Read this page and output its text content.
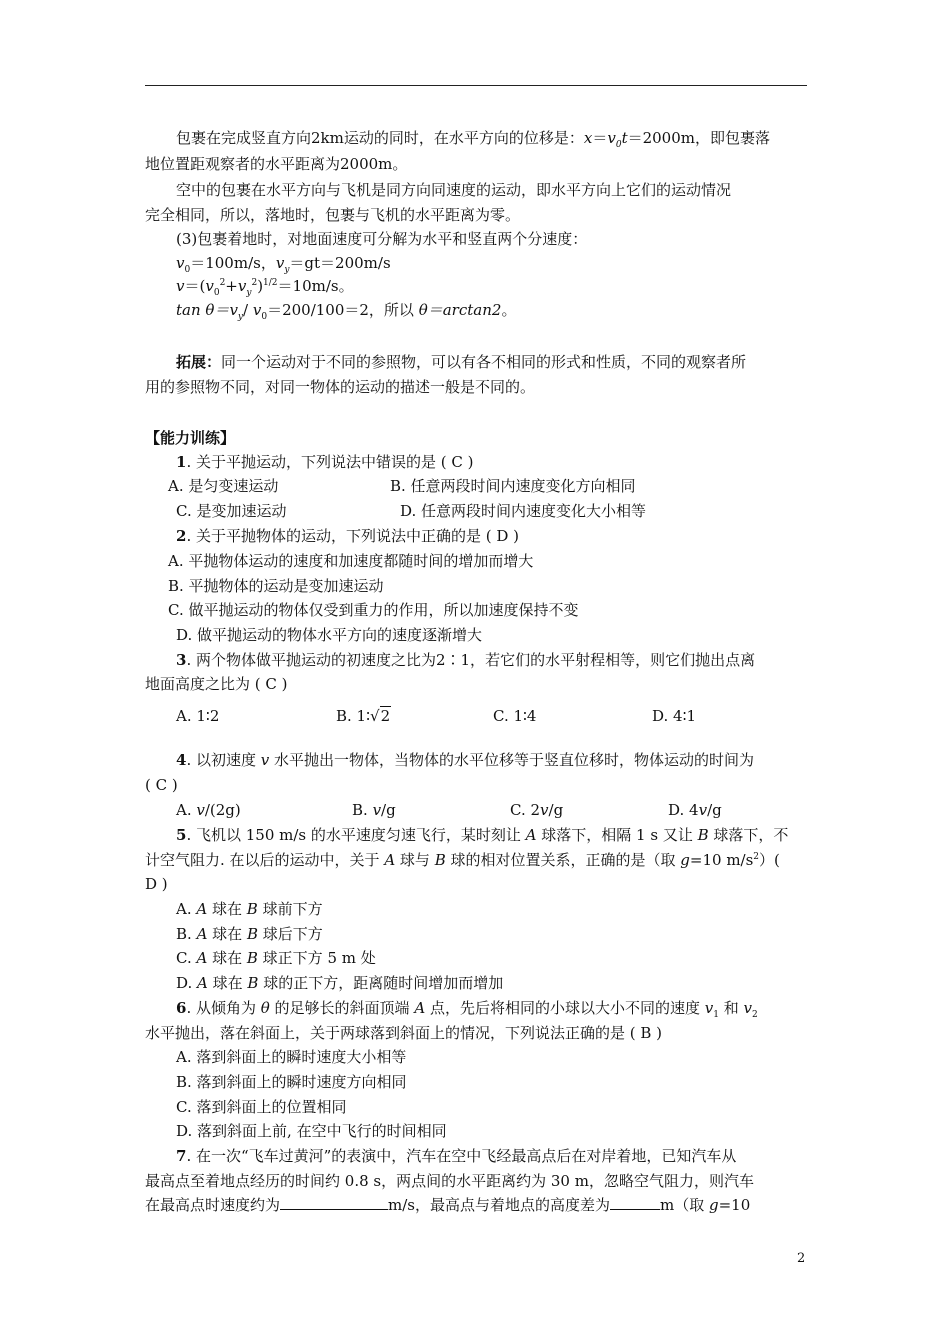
包裹在完成竖直方向2km运动的同时，在水平方向的位移是：$x=v_0t=2000m$，即包裹落
地位置距观察者的水平距离为2000m。
空中的包裹在水平方向与飞机是同方向同速度的运动，即水平方向上它们的运动情况
完全相同，所以，落地时，包裹与飞机的水平距离为零。
(3)包裹着地时，对地面速度可分解为水平和竖直两个分速度：
$v_0=100m/s$，$v_y=gt=200m/s$
$v=(v_0^2+v_y^2)^{1/2}=10m/s$。
$\tan \theta=v_y/$ $v_0=200/100=2$，所以 θ＝arctan2。
拓展：同一个运动对于不同的参照物，可以有各不相同的形式和性质，不同的观察者所
用的参照物不同，对同一物体的运动的描述一般是不同的。
【能力训练】
1. 关于平抛运动，下列说法中错误的是 ( C )
A. 是匀变速运动	B. 任意两段时间内速度变化方向相同
C. 是变加速运动	D. 任意两段时间内速度变化大小相等
2. 关于平抛物体的运动，下列说法中正确的是 ( D )
A. 平抛物体运动的速度和加速度都随时间的增加而增大
B. 平抛物体的运动是变加速运动
C. 做平抛运动的物体仅受到重力的作用，所以加速度保持不变
D. 做平抛运动的物体水平方向的速度逐渐增大
3. 两个物体做平抛运动的初速度之比为2∶1，若它们的水平射程相等，则它们抛出点离
地面高度之比为 ( C )
A. 1∶2	B. 1∶√2	C. 1∶4	D. 4∶1
4. 以初速度 v 水平抛出一物体，当物体的水平位移等于竖直位移时，物体运动的时间为
( C )
A. v/(2g)	B. v/g	C. 2v/g	D. 4v/g
5. 飞机以 150 m/s 的水平速度匀速飞行，某时刻让 A 球落下，相隔 1 s 又让 B 球落下，不
计空气阻力. 在以后的运动中，关于 A 球与 B 球的相对位置关系，正确的是（取 g=10 $m/s^2$）(
D )
A. A 球在 B 球前下方
B. A 球在 B 球后下方
C. A 球在 B 球正下方 5 m 处
D. A 球在 B 球的正下方，距离随时间增加而增加
6. 从倾角为 θ 的足够长的斜面顶端 A 点，先后将相同的小球以大小不同的速度 $v_1$ 和 $v_2$
水平抛出，落在斜面上，关于两球落到斜面上的情况，下列说法正确的是 ( B )
A. 落到斜面上的瞬时速度大小相等
B. 落到斜面上的瞬时速度方向相同
C. 落到斜面上的位置相同
D. 落到斜面上前, 在空中飞行的时间相同
7. 在一次“飞车过黄河”的表演中，汽车在空中飞经最高点后在对岸着地，已知汽车从
最高点至着地点经历的时间约 0.8 s，两点间的水平距离约为 30 m，忽略空气阻力，则汽车
在最高点时速度约为	m/s，最高点与着地点的高度差为	m（取 g=10
2
